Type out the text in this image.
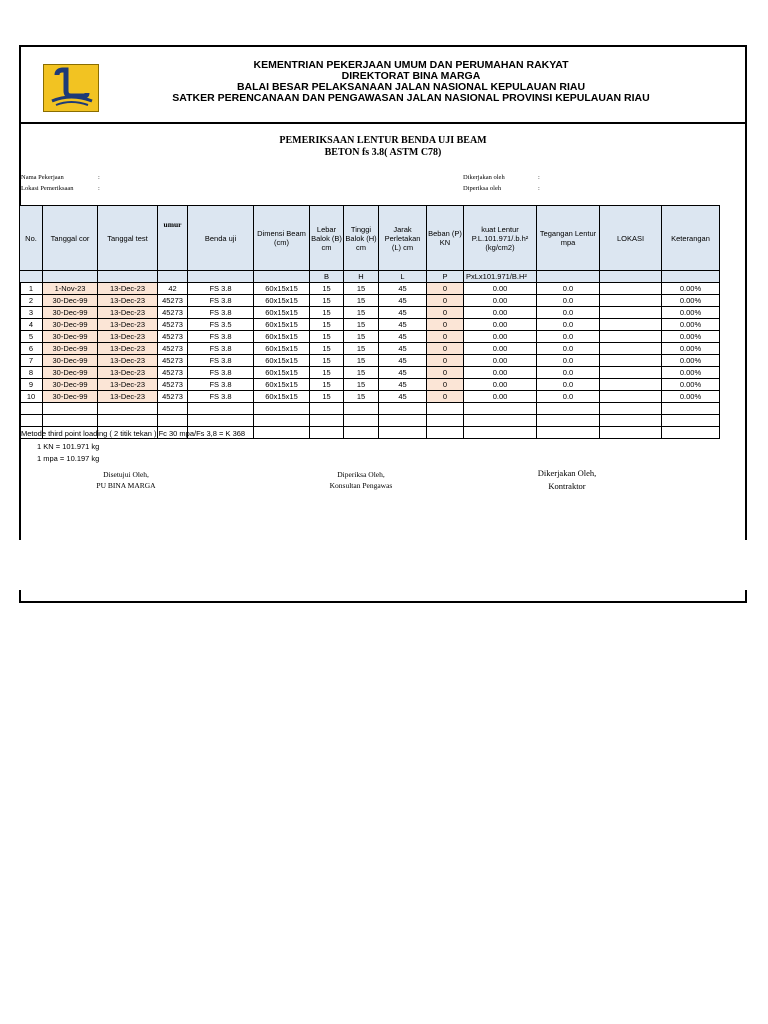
KEMENTRIAN PEKERJAAN UMUM DAN PERUMAHAN RAKYAT
DIREKTORAT BINA MARGA
BALAI BESAR PELAKSANAAN JALAN NASIONAL KEPULAUAN RIAU
SATKER PERENCANAAN DAN PENGAWASAN JALAN NASIONAL PROVINSI KEPULAUAN RIAU
PEMERIKSAAN LENTUR BENDA UJI BEAM
BETON fs 3.8( ASTM C78)
Nama Pekerjaan	:
Lokasi Pemeriksaan	:
Dikerjakan oleh	:
Diperiksa oleh	:
No.	Tanggal cor	Tanggal test	umur	Benda uji	Dimensi Beam (cm)	Lebar Balok (B) cm	Tinggi Balok (H) cm	Jarak Perletakan (L) cm	Beban (P) KN	kuat Lentur P.L.101.971/.b.h² (kg/cm2)	Tegangan Lentur mpa	LOKASI	Keterangan
						B	H	L	P	PxLx101.971/B.H²			
1	1-Nov-23	13-Dec-23	42	FS 3.8	60x15x15	15	15	45	0	0.00	0.0		0.00%
2	30-Dec-99	13-Dec-23	45273	FS 3.8	60x15x15	15	15	45	0	0.00	0.0		0.00%
3	30-Dec-99	13-Dec-23	45273	FS 3.8	60x15x15	15	15	45	0	0.00	0.0		0.00%
4	30-Dec-99	13-Dec-23	45273	FS 3.5	60x15x15	15	15	45	0	0.00	0.0		0.00%
5	30-Dec-99	13-Dec-23	45273	FS 3.8	60x15x15	15	15	45	0	0.00	0.0		0.00%
6	30-Dec-99	13-Dec-23	45273	FS 3.8	60x15x15	15	15	45	0	0.00	0.0		0.00%
7	30-Dec-99	13-Dec-23	45273	FS 3.8	60x15x15	15	15	45	0	0.00	0.0		0.00%
8	30-Dec-99	13-Dec-23	45273	FS 3.8	60x15x15	15	15	45	0	0.00	0.0		0.00%
9	30-Dec-99	13-Dec-23	45273	FS 3.8	60x15x15	15	15	45	0	0.00	0.0		0.00%
10	30-Dec-99	13-Dec-23	45273	FS 3.8	60x15x15	15	15	45	0	0.00	0.0		0.00%

Metode third point loading ( 2 titik tekan ) Fc 30 mpa/Fs 3,8 = K 368
1 KN = 101.971 kg
1 mpa = 10.197 kg
Disetujui Oleh,
PU BINA MARGA
Diperiksa Oleh,
Konsultan Pengawas
Dikerjakan Oleh,
Kontraktor
